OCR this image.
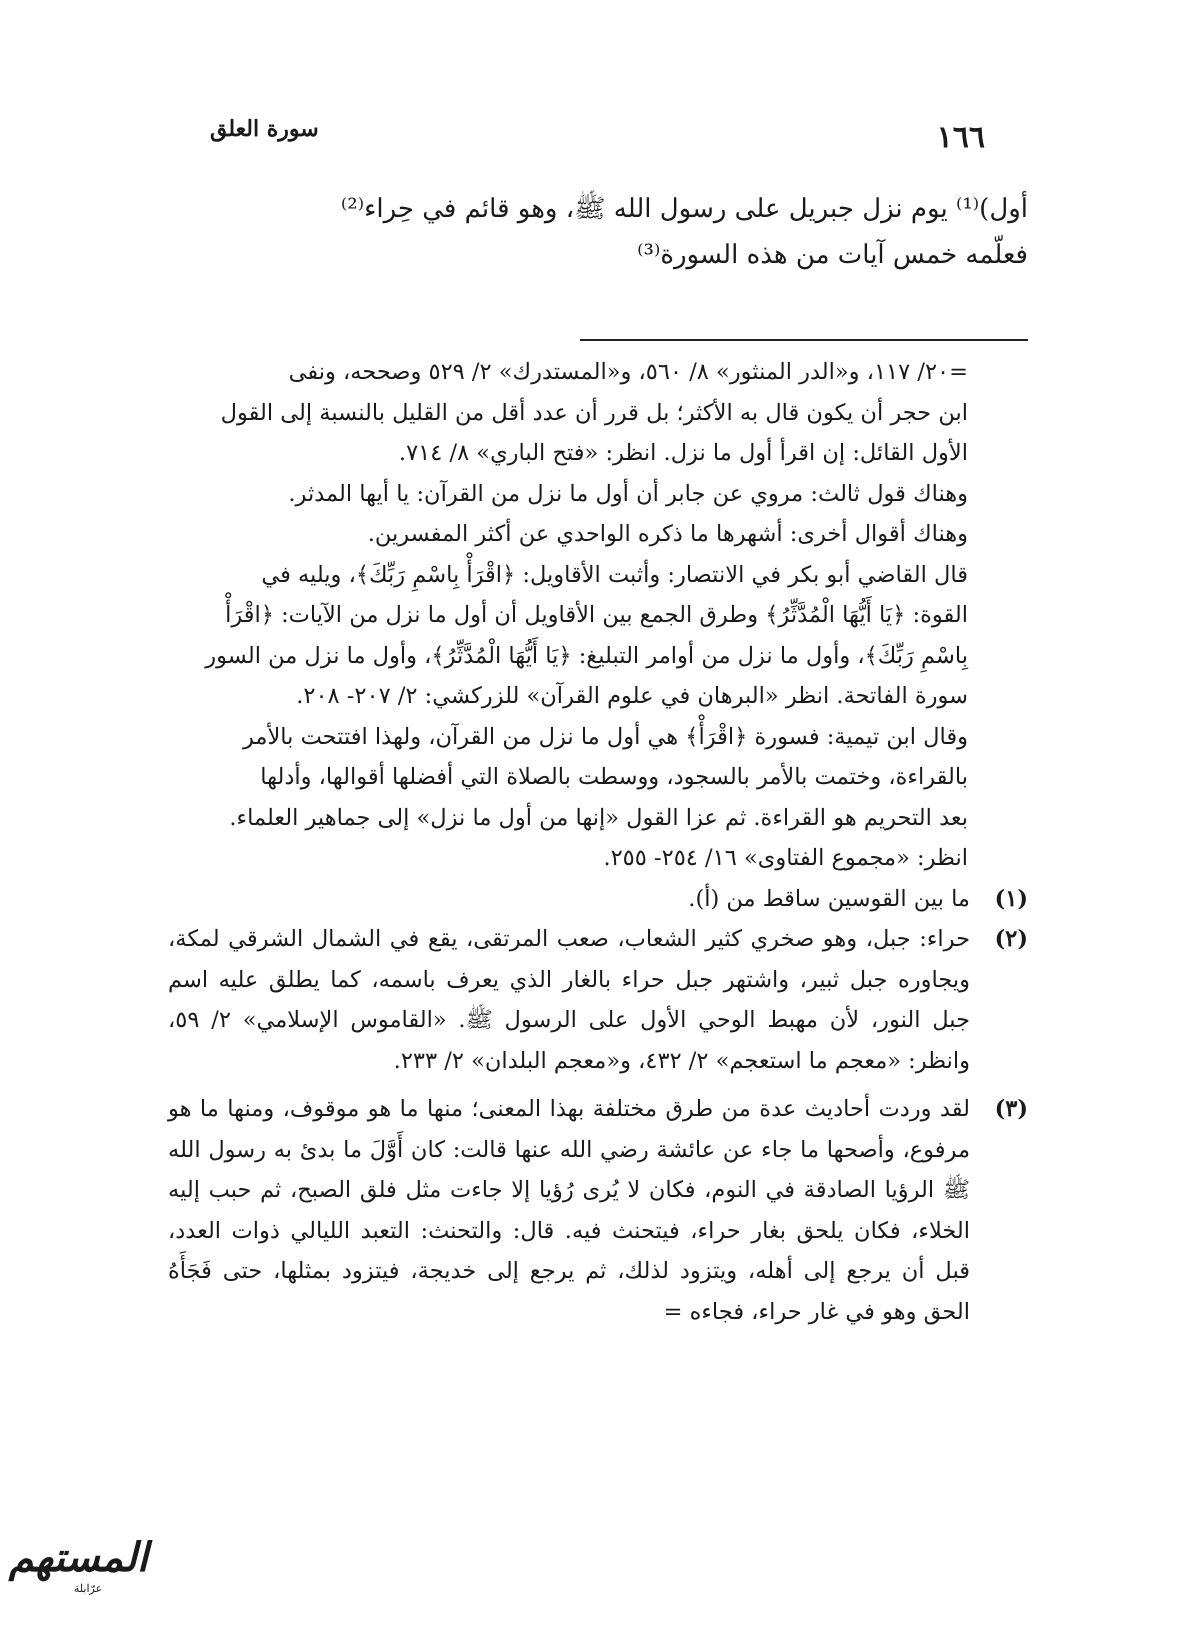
١٦٦
سورة العلق
أول)⁽¹⁾ يوم نزل جبريل على رسول الله ﷺ، وهو قائم في حِراء⁽²⁾
فعلّمه خمس آيات من هذه السورة⁽³⁾

=٢٠/ ١١٧، و«الدر المنثور» ٨/ ٥٦٠، و«المستدرك» ٢/ ٥٢٩ وصححه، ونفى

ابن حجر أن يكون قال به الأكثر؛ بل قرر أن عدد أقل من القليل بالنسبة إلى القول

الأول القائل: إن اقرأ أول ما نزل. انظر: «فتح الباري» ٨/ ٧١٤.

وهناك قول ثالث: مروي عن جابر أن أول ما نزل من القرآن: يا أيها المدثر.

وهناك أقوال أخرى: أشهرها ما ذكره الواحدي عن أكثر المفسرين.

قال القاضي أبو بكر في الانتصار: وأثبت الأقاويل: ﴿اقْرَأْ بِاسْمِ رَبِّكَ﴾، ويليه في

القوة: ﴿يَا أَيُّهَا الْمُدَّثِّرُ﴾ وطرق الجمع بين الأقاويل أن أول ما نزل من الآيات: ﴿اقْرَأْ

بِاسْمِ رَبِّكَ﴾، وأول ما نزل من أوامر التبليغ: ﴿يَا أَيُّهَا الْمُدَّثِّرُ﴾، وأول ما نزل من السور

سورة الفاتحة. انظر «البرهان في علوم القرآن» للزركشي: ٢/ ٢٠٧- ٢٠٨.

وقال ابن تيمية: فسورة ﴿اقْرَأْ﴾ هي أول ما نزل من القرآن، ولهذا افتتحت بالأمر

بالقراءة، وختمت بالأمر بالسجود، ووسطت بالصلاة التي أفضلها أقوالها، وأدلها

بعد التحريم هو القراءة. ثم عزا القول «إنها من أول ما نزل» إلى جماهير العلماء.

انظر: «مجموع الفتاوى» ١٦/ ٢٥٤- ٢٥٥.

(١)

ما بين القوسين ساقط من (أ).

(٢)

حراء: جبل، وهو صخري كثير الشعاب، صعب المرتقى، يقع في الشمال الشرقي لمكة، ويجاوره جبل ثبير، واشتهر جبل حراء بالغار الذي يعرف باسمه، كما يطلق عليه اسم جبل النور، لأن مهبط الوحي الأول على الرسول ﷺ. «القاموس الإسلامي» ٢/ ٥٩، وانظر: «معجم ما استعجم» ٢/ ٤٣٢، و«معجم البلدان» ٢/ ٢٣٣.

(٣)

لقد وردت أحاديث عدة من طرق مختلفة بهذا المعنى؛ منها ما هو موقوف، ومنها ما هو مرفوع، وأصحها ما جاء عن عائشة رضي الله عنها قالت: كان أَوَّلَ ما بدئ به رسول الله ﷺ الرؤيا الصادقة في النوم، فكان لا يُرى رُؤيا إلا جاءت مثل فلق الصبح، ثم حبب إليه الخلاء، فكان يلحق بغار حراء، فيتحنث فيه. قال: والتحنث: التعبد الليالي ذوات العدد، قبل أن يرجع إلى أهله، ويتزود لذلك، ثم يرجع إلى خديجة، فيتزود بمثلها، حتى فَجَأَهُ الحق وهو في غار حراء، فجاءه =

المستهم
عرّابلة
